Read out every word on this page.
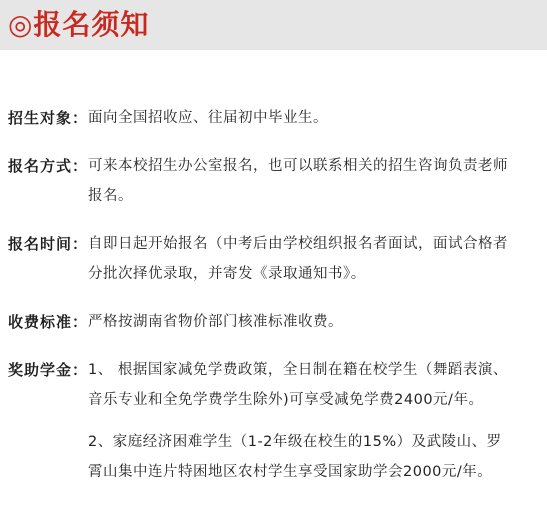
◎报名须知
招生对象： 面向全国招收应、往届初中毕业生。
报名方式： 可来本校招生办公室报名，也可以联系相关的招生咨询负责老师
报名。
报名时间： 自即日起开始报名（中考后由学校组织报名者面试，面试合格者
分批次择优录取，并寄发《录取通知书》。
收费标准： 严格按湖南省物价部门核准标准收费。
奖助学金： 1、 根据国家减免学费政策，全日制在籍在校学生（舞蹈表演、
音乐专业和全免学费学生除外)可享受减免学费2400元/年。
2、家庭经济困难学生（1-2年级在校生的15%）及武陵山、罗
霄山集中连片特困地区农村学生享受国家助学会2000元/年。
